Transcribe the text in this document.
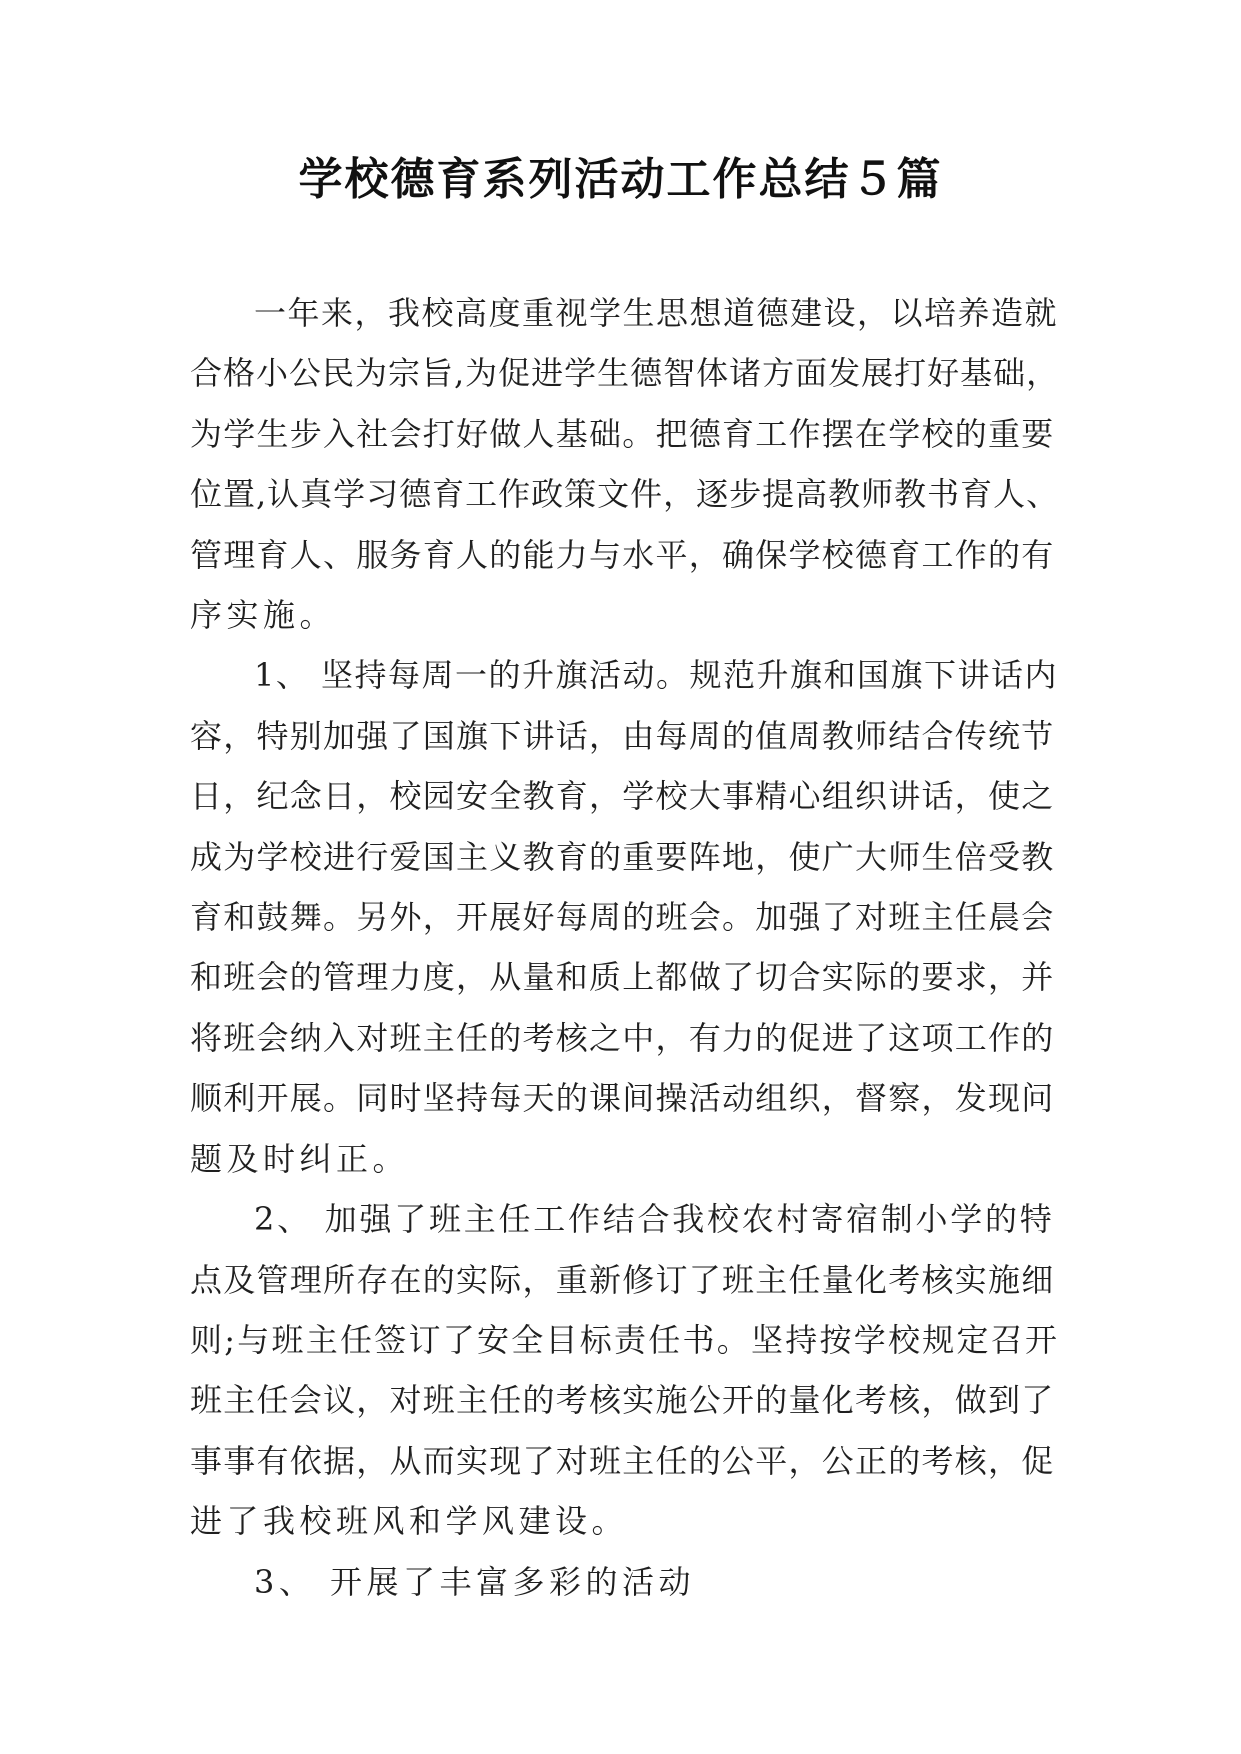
学校德育系列活动工作总结５篇

一年来，我校高度重视学生思想道德建设，以培养造就
合格小公民为宗旨,为促进学生德智体诸方面发展打好基础，
为学生步入社会打好做人基础。把德育工作摆在学校的重要
位置,认真学习德育工作政策文件，逐步提高教师教书育人、
管理育人、服务育人的能力与水平，确保学校德育工作的有
序实施。

1、 坚持每周一的升旗活动。规范升旗和国旗下讲话内
容，特别加强了国旗下讲话，由每周的值周教师结合传统节
日，纪念日，校园安全教育，学校大事精心组织讲话，使之
成为学校进行爱国主义教育的重要阵地，使广大师生倍受教
育和鼓舞。另外，开展好每周的班会。加强了对班主任晨会
和班会的管理力度，从量和质上都做了切合实际的要求，并
将班会纳入对班主任的考核之中，有力的促进了这项工作的
顺利开展。同时坚持每天的课间操活动组织，督察，发现问
题及时纠正。

2、 加强了班主任工作结合我校农村寄宿制小学的特
点及管理所存在的实际，重新修订了班主任量化考核实施细
则;与班主任签订了安全目标责任书。坚持按学校规定召开
班主任会议，对班主任的考核实施公开的量化考核，做到了
事事有依据，从而实现了对班主任的公平，公正的考核，促
进了我校班风和学风建设。

3、 开展了丰富多彩的活动
